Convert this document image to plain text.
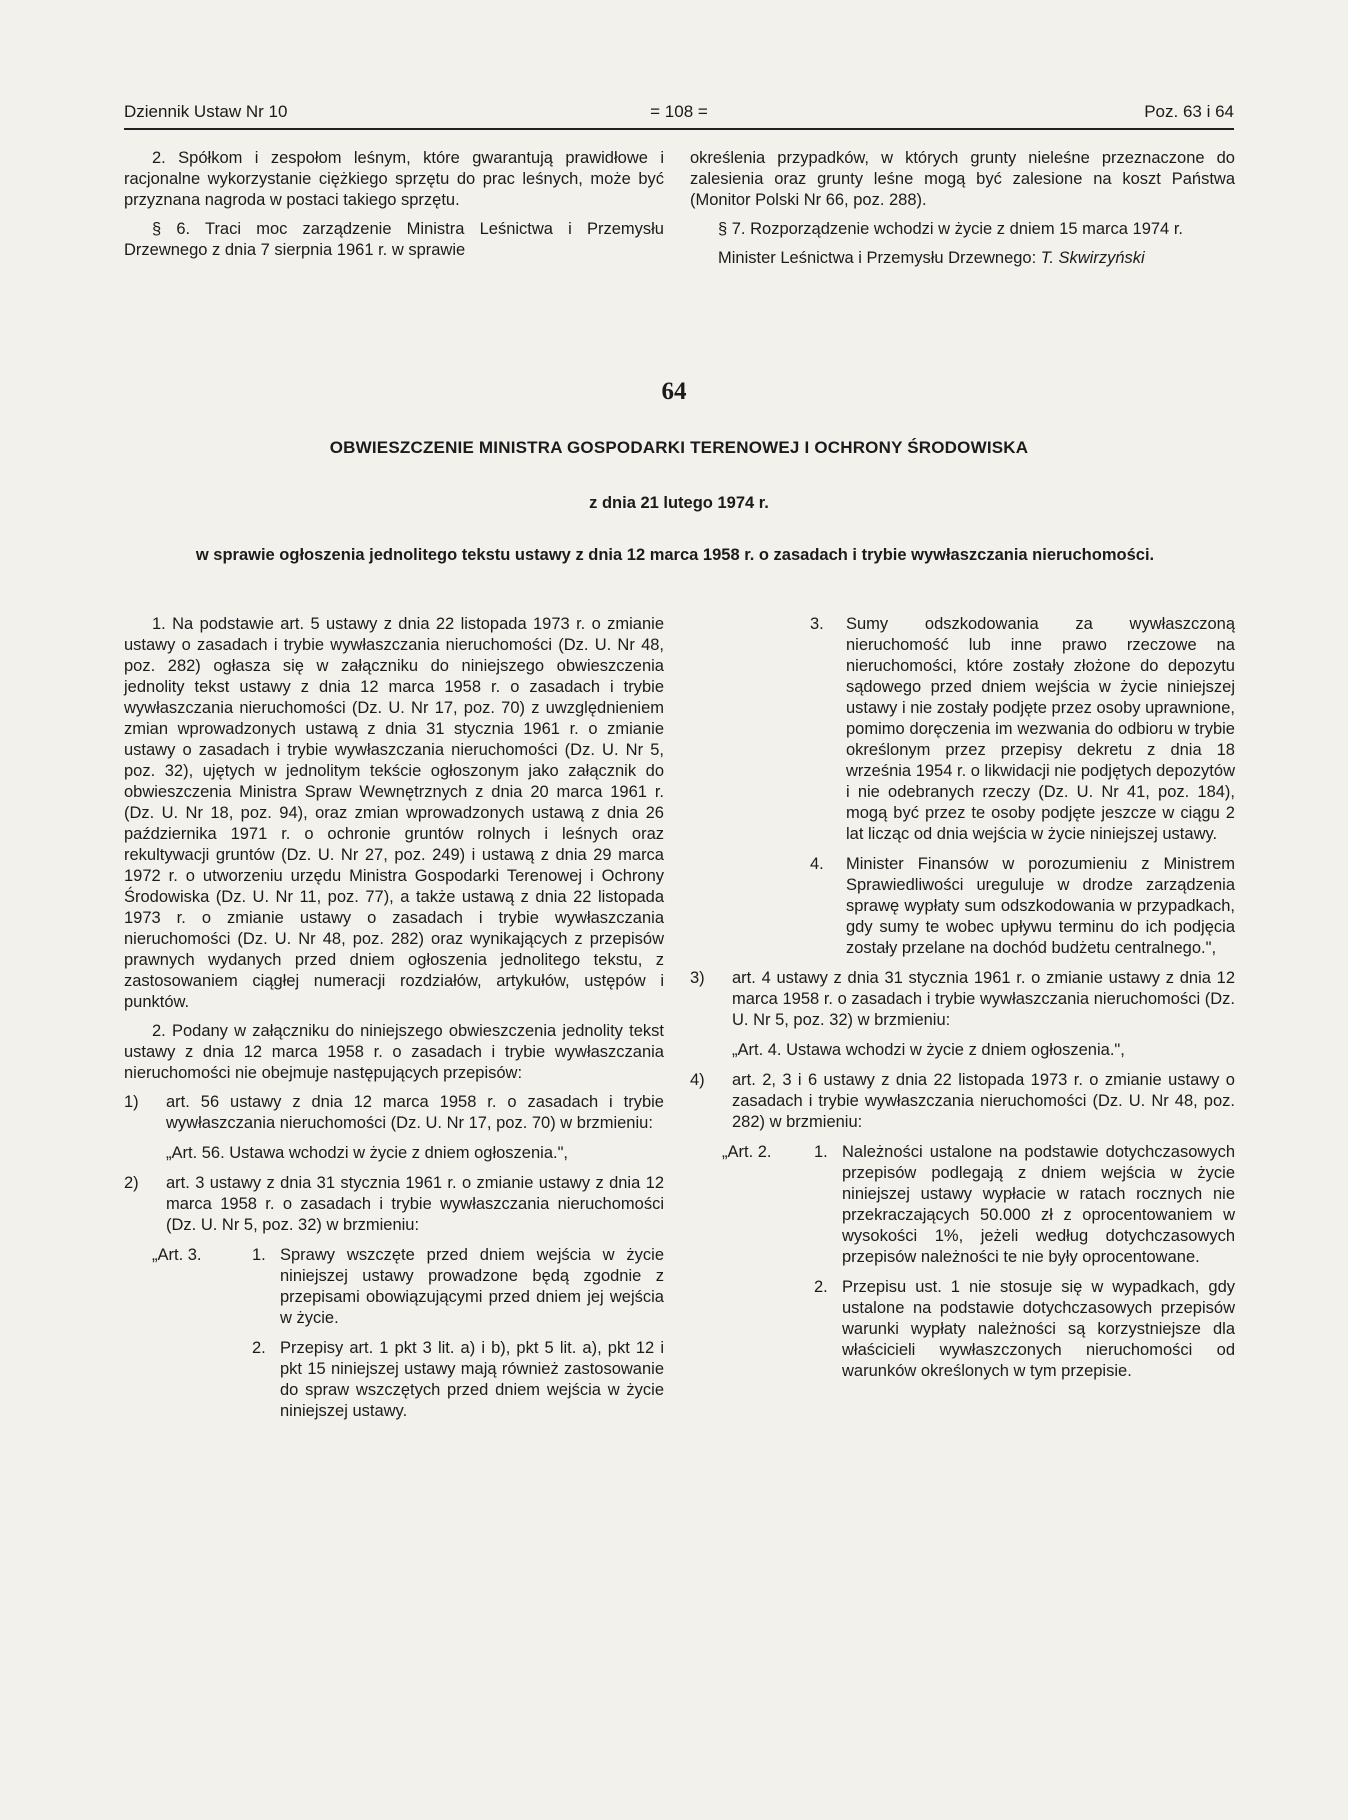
Dziennik Ustaw Nr 10	= 108 =	Poz. 63 i 64

2. Spółkom i zespołom leśnym, które gwarantują prawidłowe i racjonalne wykorzystanie ciężkiego sprzętu do prac leśnych, może być przyznana nagroda w postaci takiego sprzętu.

§ 6. Traci moc zarządzenie Ministra Leśnictwa i Przemysłu Drzewnego z dnia 7 sierpnia 1961 r. w sprawie

określenia przypadków, w których grunty nieleśne przeznaczone do zalesienia oraz grunty leśne mogą być zalesione na koszt Państwa (Monitor Polski Nr 66, poz. 288).

§ 7. Rozporządzenie wchodzi w życie z dniem 15 marca 1974 r.

Minister Leśnictwa i Przemysłu Drzewnego: T. Skwirzyński

64
OBWIESZCZENIE MINISTRA GOSPODARKI TERENOWEJ I OCHRONY ŚRODOWISKA
z dnia 21 lutego 1974 r.
w sprawie ogłoszenia jednolitego tekstu ustawy z dnia 12 marca 1958 r. o zasadach i trybie wywłaszczania nieruchomości.

1. Na podstawie art. 5 ustawy z dnia 22 listopada 1973 r. o zmianie ustawy o zasadach i trybie wywłaszczania nieruchomości (Dz. U. Nr 48, poz. 282) ogłasza się w załączniku do niniejszego obwieszczenia jednolity tekst ustawy z dnia 12 marca 1958 r. o zasadach i trybie wywłaszczania nieruchomości (Dz. U. Nr 17, poz. 70) z uwzględnieniem zmian wprowadzonych ustawą z dnia 31 stycznia 1961 r. o zmianie ustawy o zasadach i trybie wywłaszczania nieruchomości (Dz. U. Nr 5, poz. 32), ujętych w jednolitym tekście ogłoszonym jako załącznik do obwieszczenia Ministra Spraw Wewnętrznych z dnia 20 marca 1961 r. (Dz. U. Nr 18, poz. 94), oraz zmian wprowadzonych ustawą z dnia 26 października 1971 r. o ochronie gruntów rolnych i leśnych oraz rekultywacji gruntów (Dz. U. Nr 27, poz. 249) i ustawą z dnia 29 marca 1972 r. o utworzeniu urzędu Ministra Gospodarki Terenowej i Ochrony Środowiska (Dz. U. Nr 11, poz. 77), a także ustawą z dnia 22 listopada 1973 r. o zmianie ustawy o zasadach i trybie wywłaszczania nieruchomości (Dz. U. Nr 48, poz. 282) oraz wynikających z przepisów prawnych wydanych przed dniem ogłoszenia jednolitego tekstu, z zastosowaniem ciągłej numeracji rozdziałów, artykułów, ustępów i punktów.

2. Podany w załączniku do niniejszego obwieszczenia jednolity tekst ustawy z dnia 12 marca 1958 r. o zasadach i trybie wywłaszczania nieruchomości nie obejmuje następujących przepisów:

1)	art. 56 ustawy z dnia 12 marca 1958 r. o zasadach i trybie wywłaszczania nieruchomości (Dz. U. Nr 17, poz. 70) w brzmieniu:
„Art. 56. Ustawa wchodzi w życie z dniem ogłoszenia.",
2)	art. 3 ustawy z dnia 31 stycznia 1961 r. o zmianie ustawy z dnia 12 marca 1958 r. o zasadach i trybie wywłaszczania nieruchomości (Dz. U. Nr 5, poz. 32) w brzmieniu:
„Art. 3.	1. Sprawy wszczęte przed dniem wejścia w życie niniejszej ustawy prowadzone będą zgodnie z przepisami obowiązującymi przed dniem jej wejścia w życie.
2. Przepisy art. 1 pkt 3 lit. a) i b), pkt 5 lit. a), pkt 12 i pkt 15 niniejszej ustawy mają również zastosowanie do spraw wszczętych przed dniem wejścia w życie niniejszej ustawy.
3.	Sumy odszkodowania za wywłaszczoną nieruchomość lub inne prawo rzeczowe na nieruchomości, które zostały złożone do depozytu sądowego przed dniem wejścia w życie niniejszej ustawy i nie zostały podjęte przez osoby uprawnione, pomimo doręczenia im wezwania do odbioru w trybie określonym przez przepisy dekretu z dnia 18 września 1954 r. o likwidacji nie podjętych depozytów i nie odebranych rzeczy (Dz. U. Nr 41, poz. 184), mogą być przez te osoby podjęte jeszcze w ciągu 2 lat licząc od dnia wejścia w życie niniejszej ustawy.
4.	Minister Finansów w porozumieniu z Ministrem Sprawiedliwości ureguluje w drodze zarządzenia sprawę wypłaty sum odszkodowania w przypadkach, gdy sumy te wobec upływu terminu do ich podjęcia zostały przelane na dochód budżetu centralnego.",
3)	art. 4 ustawy z dnia 31 stycznia 1961 r. o zmianie ustawy z dnia 12 marca 1958 r. o zasadach i trybie wywłaszczania nieruchomości (Dz. U. Nr 5, poz. 32) w brzmieniu:
„Art. 4. Ustawa wchodzi w życie z dniem ogłoszenia.",
4)	art. 2, 3 i 6 ustawy z dnia 22 listopada 1973 r. o zmianie ustawy o zasadach i trybie wywłaszczania nieruchomości (Dz. U. Nr 48, poz. 282) w brzmieniu:
„Art. 2.	1. Należności ustalone na podstawie dotychczasowych przepisów podlegają z dniem wejścia w życie niniejszej ustawy wypłacie w ratach rocznych nie przekraczających 50.000 zł z oprocentowaniem w wysokości 1%, jeżeli według dotychczasowych przepisów należności te nie były oprocentowane.
2. Przepisu ust. 1 nie stosuje się w wypadkach, gdy ustalone na podstawie dotychczasowych przepisów warunki wypłaty należności są korzystniejsze dla właścicieli wywłaszczonych nieruchomości od warunków określonych w tym przepisie.
